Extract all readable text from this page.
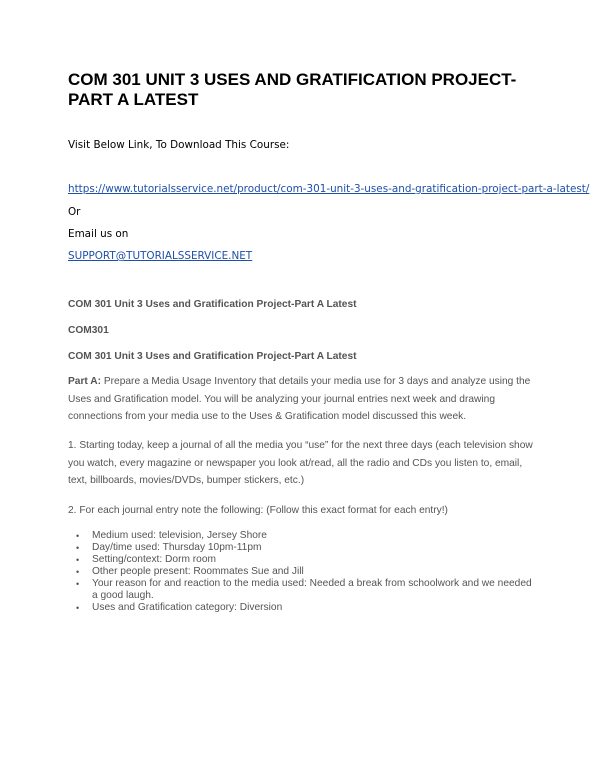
COM 301 UNIT 3 USES AND GRATIFICATION PROJECT-PART A LATEST

Visit Below Link, To Download This Course:

https://www.tutorialsservice.net/product/com-301-unit-3-uses-and-gratification-project-part-a-latest/

Or

Email us on

SUPPORT@TUTORIALSSERVICE.NET

COM 301 Unit 3 Uses and Gratification Project-Part A Latest

COM301

COM 301 Unit 3 Uses and Gratification Project-Part A Latest

Part A: Prepare a Media Usage Inventory that details your media use for 3 days and analyze using the Uses and Gratification model. You will be analyzing your journal entries next week and drawing connections from your media use to the Uses & Gratification model discussed this week.

1. Starting today, keep a journal of all the media you “use” for the next three days (each television show you watch, every magazine or newspaper you look at/read, all the radio and CDs you listen to, email, text, billboards, movies/DVDs, bumper stickers, etc.)

2. For each journal entry note the following: (Follow this exact format for each entry!)

• Medium used: television, Jersey Shore
• Day/time used: Thursday 10pm-11pm
• Setting/context: Dorm room
• Other people present: Roommates Sue and Jill
• Your reason for and reaction to the media used: Needed a break from schoolwork and we needed a good laugh.
• Uses and Gratification category: Diversion
